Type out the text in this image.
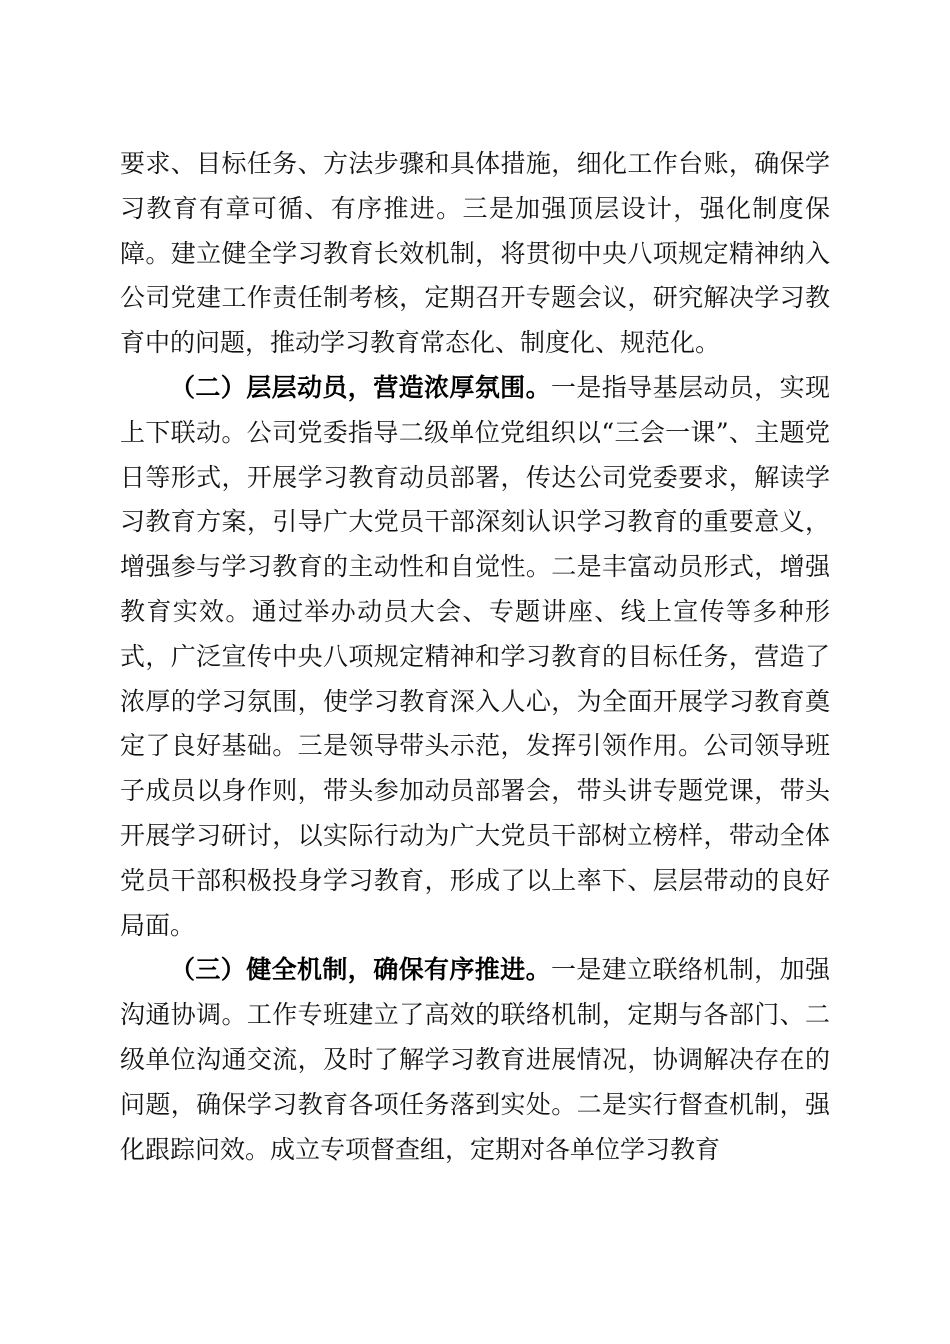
要求、目标任务、方法步骤和具体措施，细化工作台账，确保学习教育有章可循、有序推进。三是加强顶层设计，强化制度保障。建立健全学习教育长效机制，将贯彻中央八项规定精神纳入公司党建工作责任制考核，定期召开专题会议，研究解决学习教育中的问题，推动学习教育常态化、制度化、规范化。

（二）层层动员，营造浓厚氛围。一是指导基层动员，实现上下联动。公司党委指导二级单位党组织以“三会一课”、主题党日等形式，开展学习教育动员部署，传达公司党委要求，解读学习教育方案，引导广大党员干部深刻认识学习教育的重要意义，增强参与学习教育的主动性和自觉性。二是丰富动员形式，增强教育实效。通过举办动员大会、专题讲座、线上宣传等多种形式，广泛宣传中央八项规定精神和学习教育的目标任务，营造了浓厚的学习氛围，使学习教育深入人心，为全面开展学习教育奠定了良好基础。三是领导带头示范，发挥引领作用。公司领导班子成员以身作则，带头参加动员部署会，带头讲专题党课，带头开展学习研讨，以实际行动为广大党员干部树立榜样，带动全体党员干部积极投身学习教育，形成了以上率下、层层带动的良好局面。

（三）健全机制，确保有序推进。一是建立联络机制，加强沟通协调。工作专班建立了高效的联络机制，定期与各部门、二级单位沟通交流，及时了解学习教育进展情况，协调解决存在的问题，确保学习教育各项任务落到实处。二是实行督查机制，强化跟踪问效。成立专项督查组，定期对各单位学习教育
